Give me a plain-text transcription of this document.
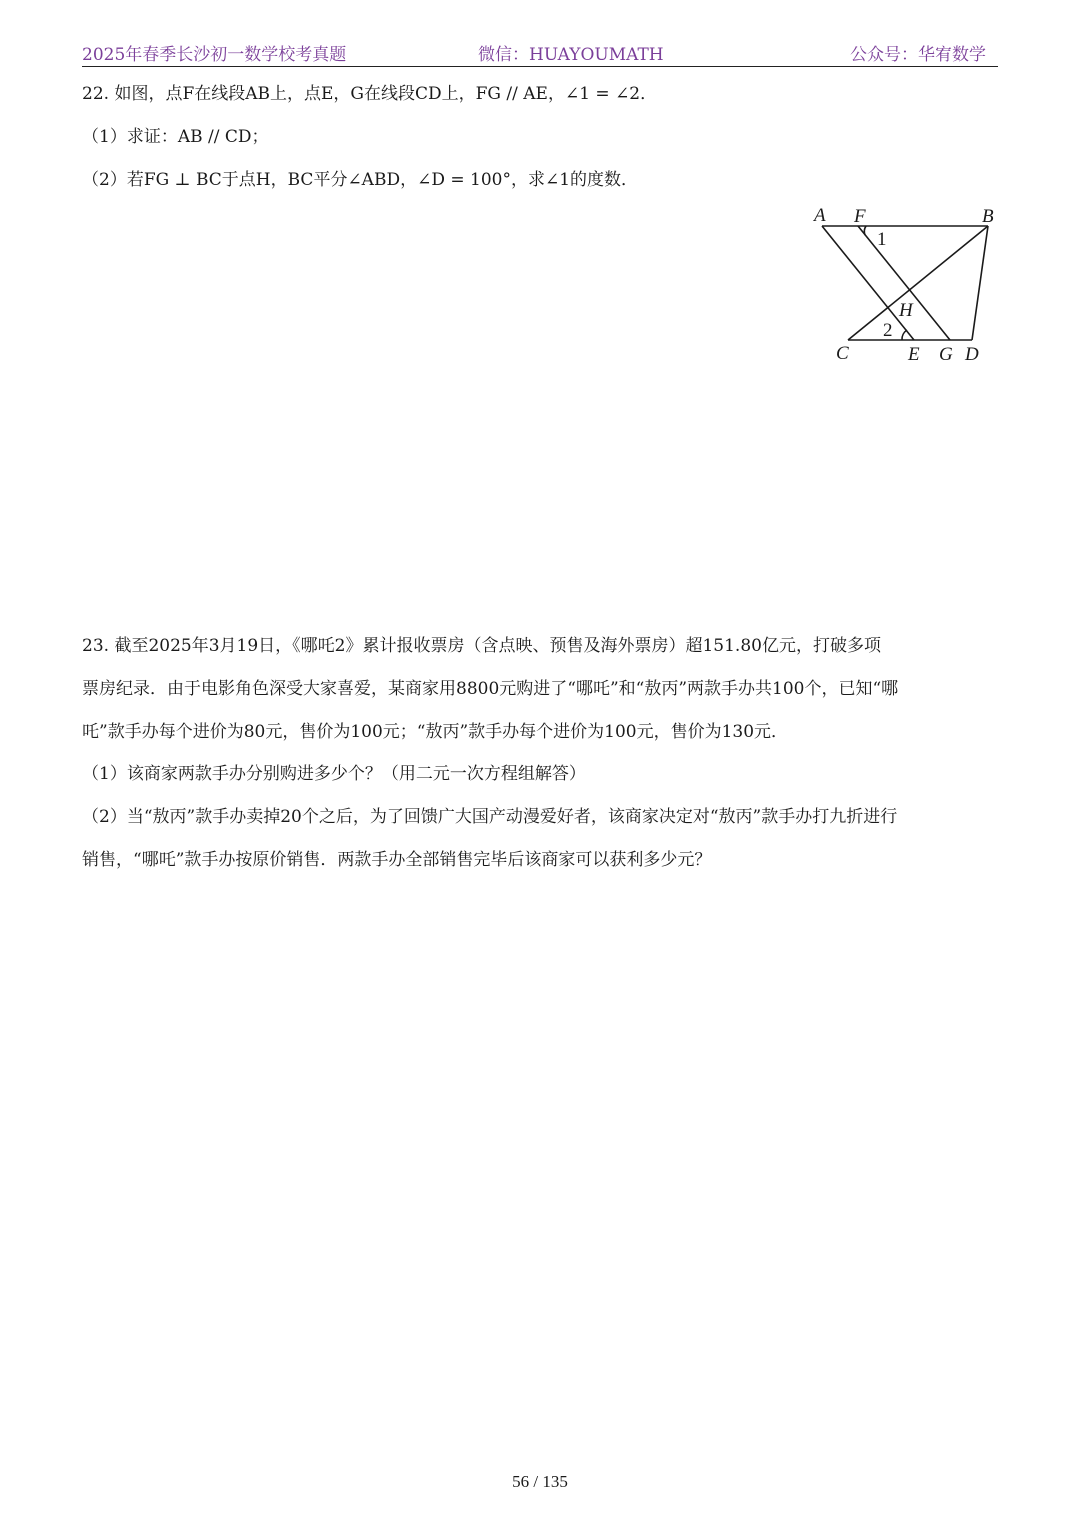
2025年春季长沙初一数学校考真题	微信：HUAYOUMATH	公众号：华宥数学
22. 如图，点F在线段AB上，点E，G在线段CD上，FG // AE，∠1 = ∠2．
（1）求证：AB // CD；
（2）若FG ⊥ BC于点H，BC平分∠ABD，∠D = 100°，求∠1的度数．
A F	B
H
C	E G D
1
2
23. 截至2025年3月19日，《哪吒2》累计报收票房（含点映、预售及海外票房）超151.80亿元，打破多项
票房纪录．由于电影角色深受大家喜爱，某商家用8800元购进了“哪吒”和“敖丙”两款手办共100个，已知“哪
吒”款手办每个进价为80元，售价为100元；“敖丙”款手办每个进价为100元，售价为130元．
（1）该商家两款手办分别购进多少个？（用二元一次方程组解答）
（2）当“敖丙”款手办卖掉20个之后，为了回馈广大国产动漫爱好者，该商家决定对“敖丙”款手办打九折进行
销售，“哪吒”款手办按原价销售．两款手办全部销售完毕后该商家可以获利多少元？
56 / 135
